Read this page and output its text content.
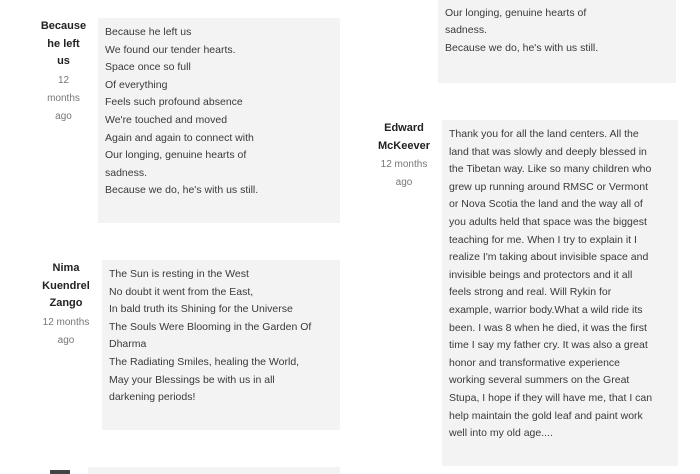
Because
he left
us
12
months
ago
Because he left us
We found our tender hearts.
Space once so full
Of everything
Feels such profound absence
We're touched and moved
Again and again to connect with
Our longing, genuine hearts of
sadness.
Because we do, he's with us still.
Nima
Kuendrel
Zango
12 months
ago
The Sun is resting in the West
No doubt it went from the East,
In bald truth its Shining for the Universe
The Souls Were Blooming in the Garden Of
Dharma
The Radiating Smiles, healing the World,
May your Blessings be with us in all
darkening periods!
Our longing, genuine hearts of
sadness.
Because we do, he's with us still.
Edward
McKeever
12 months
ago
Thank you for all the land centers. All the
land that was slowly and deeply blessed in
the Tibetan way. Like so many children who
grew up running around RMSC or Vermont
or Nova Scotia the land and the way all of
you adults held that space was the biggest
teaching for me. When I try to explain it I
realize I'm taking about invisible space and
invisible beings and protectors and it all
feels strong and real. Will Rykin for
example, warrior body.What a wild ride its
been. I was 8 when he died, it was the first
time I say my father cry. It was also a great
honor and transformative experience
working several summers on the Great
Stupa, I hope if they will have me, that I can
help maintain the gold leaf and paint work
well into my old age....
